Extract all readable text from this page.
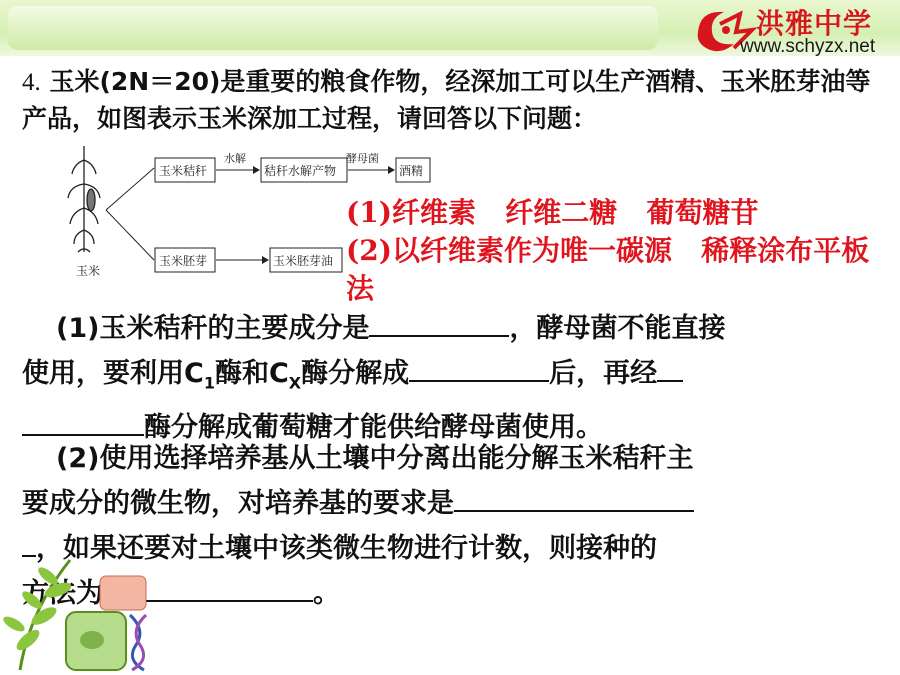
洪雅中学
www.schyzx.net
4. 玉米(2N＝20)是重要的粮食作物，经深加工可以生产酒精、玉米胚芽油等产品，如图表示玉米深加工过程，请回答以下问题：
玉米
玉米秸秆
水解
秸秆水解产物
酵母菌
酒精
玉米胚芽	玉米胚芽油
(1)纤维素   纤维二糖   葡萄糖苷
(2)以纤维素作为唯一碳源   稀释涂布平板法
(1)玉米秸秆的主要成分是	，酵母菌不能直接
使用，要利用$C_1$酶和$C_X$酶分解成	后，再经
酶分解成葡萄糖才能供给酵母菌使用。
(2)使用选择培养基从土壤中分离出能分解玉米秸秆主
要成分的微生物，对培养基的要求是
，如果还要对土壤中该类微生物进行计数，则接种的
。
